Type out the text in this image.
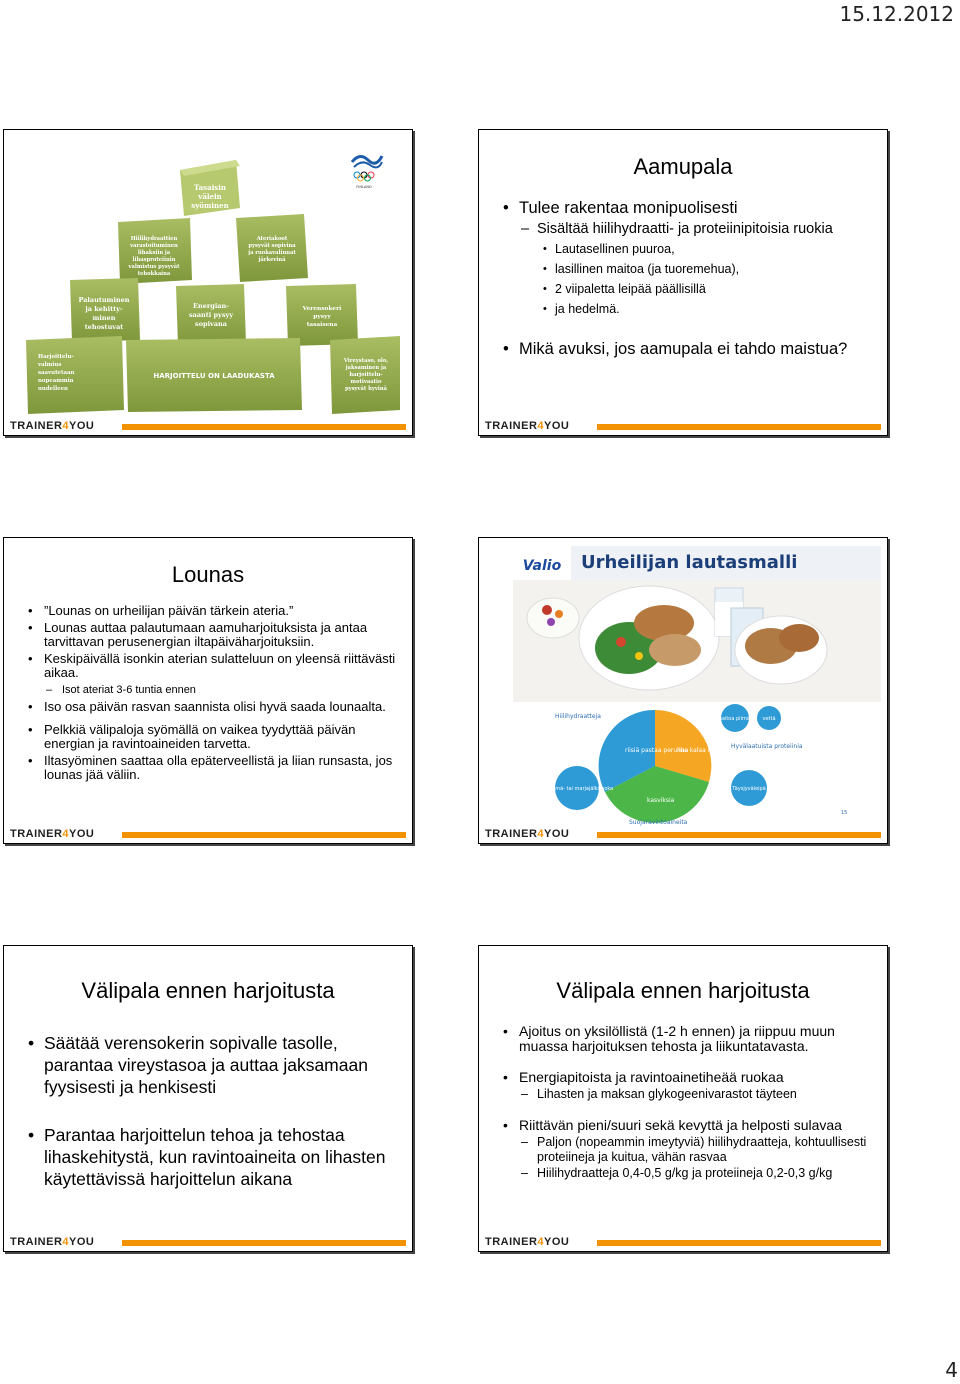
15.12.2012
Tasaisin välein syöminen
Hiilihydraattien varastoituminen lihaksiin ja lihasproteiinin valmistus pysyvät tehokkaina
Ateriakoot pysyvät sopivina ja ruokavalinnat järkevinä
Palautuminen ja kehitty-minen tehostuvat
Energian-saanti pysyy sopivana
Verensokeri pysyy tasaisena
Harjoittelu-valmius saavutetaan nopeammin uudelleen
HARJOITTELU ON LAADUKASTA
Vireystaso, olo, jaksaminen ja harjoittelu-motivaatio pysyvät hyvinä
FINLAND
TRAINER4YOU
Aamupala
• Tulee rakentaa monipuolisesti
– Sisältää hiilihydraatti- ja proteiinipitoisia ruokia
• Lautasellinen puuroa,
• lasillinen maitoa (ja tuoremehua),
• 2 viipaletta leipää päällisillä
• ja hedelmä.
• Mikä avuksi, jos aamupala ei tahdo maistua?
TRAINER4YOU
Lounas
• ”Lounas on urheilijan päivän tärkein ateria.”
• Lounas auttaa palautumaan aamuharjoituksista ja antaa tarvittavan perusenergian iltapäiväharjoituksiin.
• Keskipäivällä isonkin aterian sulatteluun on yleensä riittävästi aikaa.
– Isot ateriat 3-6 tuntia ennen
• Iso osa päivän rasvan saannista olisi hyvä saada lounaalta.
• Pelkkiä välipaloja syömällä on vaikea tyydyttää päivän energian ja ravintoaineiden tarvetta.
• Iltasyöminen saattaa olla epäterveellistä ja liian runsasta, jos lounas jää väliin.
TRAINER4YOU
Valio Urheilijan lautasmalli
riisiä pastaa perunaa
liha kalaa kanaa
kasviksia
maitoa piimää vettä
Hedelmä- tai marjajälkiruoka	Täysjyväleipä
Hiilihydraatteja
Hyvälaatuista proteiinia
Suojaravintoaineita
15
TRAINER4YOU
Välipala ennen harjoitusta
• Säätää verensokerin sopivalle tasolle, parantaa vireystasoa ja auttaa jaksamaan fyysisesti ja henkisesti
• Parantaa harjoittelun tehoa ja tehostaa lihaskehitystä, kun ravintoaineita on lihasten käytettävissä harjoittelun aikana
TRAINER4YOU
Välipala ennen harjoitusta
• Ajoitus on yksilöllistä (1-2 h ennen) ja riippuu muun muassa harjoituksen tehosta ja liikuntatavasta.
• Energiapitoista ja ravintoainetiheää ruokaa
– Lihasten ja maksan glykogeenivarastot täyteen
• Riittävän pieni/suuri sekä kevyttä ja helposti sulavaa
– Paljon (nopeammin imeytyviä) hiilihydraatteja, kohtuullisesti proteiineja ja kuitua, vähän rasvaa
– Hiilihydraatteja 0,4-0,5 g/kg ja proteiineja 0,2-0,3 g/kg
TRAINER4YOU
4
